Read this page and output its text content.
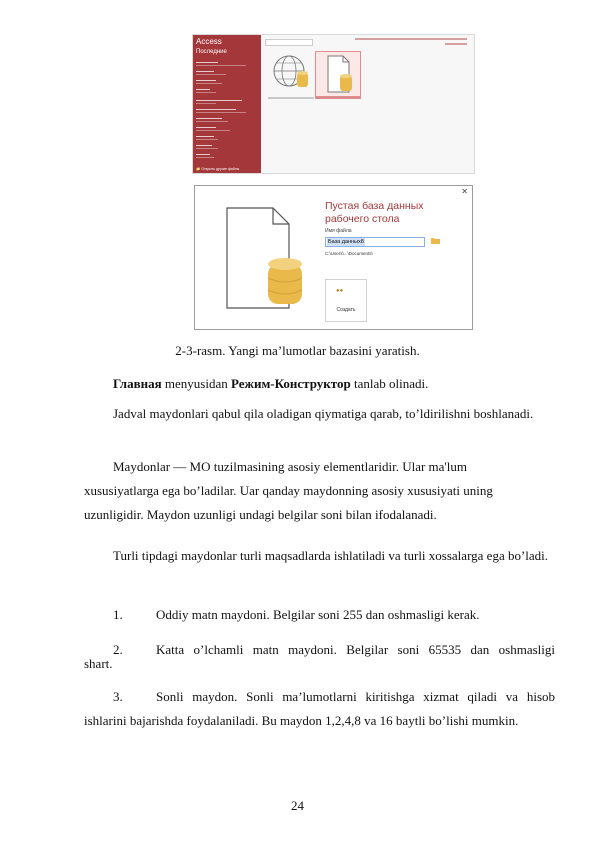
Access
Последние
📁 Открыть другие файлы
✕
Пустая база данных рабочего стола
Имя файла
База данных8
C:\Users\...\Documents\
●●
Создать
2-3-rasm. Yangi ma’lumotlar bazasini yaratish.
Главная menyusidan Режим-Конструктор tanlab olinadi.
Jadval maydonlari qabul qila oladigan qiymatiga qarab, to’ldirilishni boshlanadi.
Maydonlar — MO tuzilmasining asosiy elementlaridir. Ular ma'lum
xususiyatlarga ega bo’ladilar. Uar qanday maydonning asosiy xususiyati uning
uzunligidir. Maydon uzunligi undagi belgilar soni bilan ifodalanadi.
Turli tipdagi maydonlar turli maqsadlarda ishlatiladi va turli xossalarga ega bo’ladi.
1.	Oddiy matn maydoni. Belgilar soni 255 dan oshmasligi kerak.
2.	Katta o’lchamli matn maydoni. Belgilar soni 65535 dan oshmasligi
shart.
3.	Sonli maydon. Sonli ma’lumotlarni kiritishga xizmat qiladi va hisob
ishlarini bajarishda foydalaniladi. Bu maydon 1,2,4,8 va 16 baytli bo’lishi mumkin.
24
